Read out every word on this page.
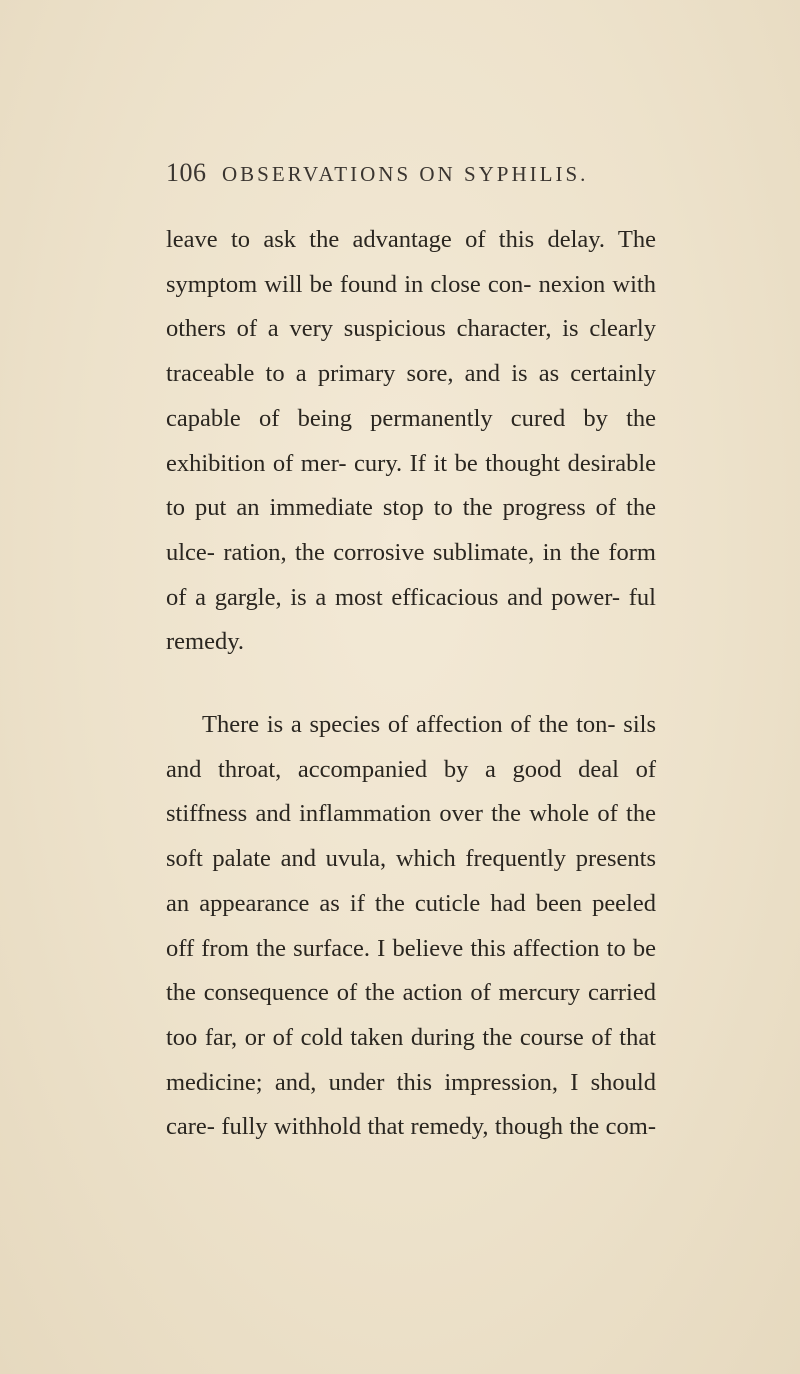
106 OBSERVATIONS ON SYPHILIS.

leave to ask the advantage of this delay. The symptom will be found in close con- nexion with others of a very suspicious character, is clearly traceable to a primary sore, and is as certainly capable of being permanently cured by the exhibition of mer- cury. If it be thought desirable to put an immediate stop to the progress of the ulce- ration, the corrosive sublimate, in the form of a gargle, is a most efficacious and power- ful remedy.

There is a species of affection of the ton- sils and throat, accompanied by a good deal of stiffness and inflammation over the whole of the soft palate and uvula, which frequently presents an appearance as if the cuticle had been peeled off from the surface. I believe this affection to be the consequence of the action of mercury carried too far, or of cold taken during the course of that medicine; and, under this impression, I should care- fully withhold that remedy, though the com-
